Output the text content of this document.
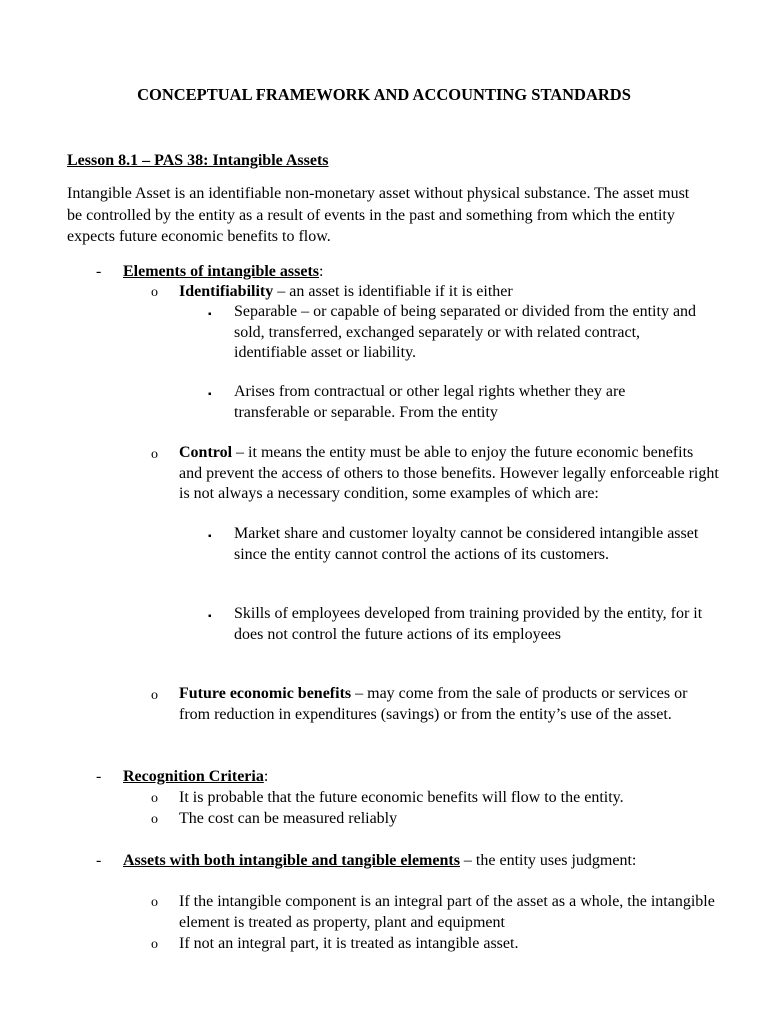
CONCEPTUAL FRAMEWORK AND ACCOUNTING STANDARDS
Lesson 8.1 – PAS 38: Intangible Assets

Intangible Asset is an identifiable non-monetary asset without physical substance. The asset must be controlled by the entity as a result of events in the past and something from which the entity expects future economic benefits to flow.

- Elements of intangible assets:
o Identifiability – an asset is identifiable if it is either
▪ Separable – or capable of being separated or divided from the entity and sold, transferred, exchanged separately or with related contract, identifiable asset or liability.
▪ Arises from contractual or other legal rights whether they are transferable or separable. From the entity
o Control – it means the entity must be able to enjoy the future economic benefits and prevent the access of others to those benefits. However legally enforceable right is not always a necessary condition, some examples of which are:
▪ Market share and customer loyalty cannot be considered intangible asset since the entity cannot control the actions of its customers.
▪ Skills of employees developed from training provided by the entity, for it does not control the future actions of its employees
o Future economic benefits – may come from the sale of products or services or from reduction in expenditures (savings) or from the entity’s use of the asset.
- Recognition Criteria:
o It is probable that the future economic benefits will flow to the entity.
o The cost can be measured reliably
- Assets with both intangible and tangible elements – the entity uses judgment:
o If the intangible component is an integral part of the asset as a whole, the intangible element is treated as property, plant and equipment
o If not an integral part, it is treated as intangible asset.
